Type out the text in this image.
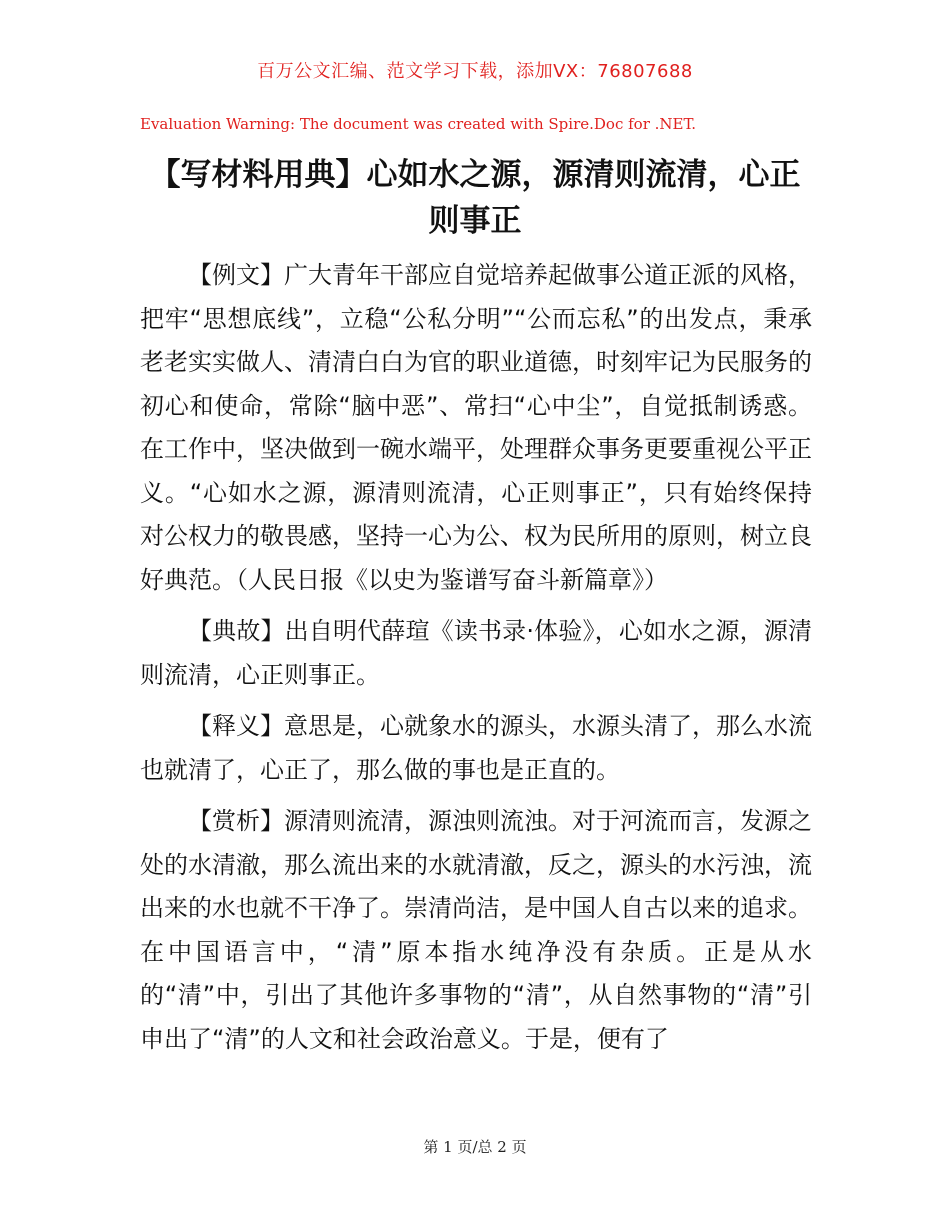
百万公文汇编、范文学习下载，添加VX：76807688
Evaluation Warning: The document was created with Spire.Doc for .NET.
【写材料用典】心如水之源，源清则流清，心正则事正

【例文】广大青年干部应自觉培养起做事公道正派的风格，把牢“思想底线”，立稳“公私分明”“公而忘私”的出发点，秉承老老实实做人、清清白白为官的职业道德，时刻牢记为民服务的初心和使命，常除“脑中恶”、常扫“心中尘”，自觉抵制诱惑。在工作中，坚决做到一碗水端平，处理群众事务更要重视公平正义。“心如水之源，源清则流清，心正则事正”，只有始终保持对公权力的敬畏感，坚持一心为公、权为民所用的原则，树立良好典范。（人民日报《以史为鉴谱写奋斗新篇章》）

【典故】出自明代薛瑄《读书录·体验》，心如水之源，源清则流清，心正则事正。

【释义】意思是，心就象水的源头，水源头清了，那么水流也就清了，心正了，那么做的事也是正直的。

【赏析】源清则流清，源浊则流浊。对于河流而言，发源之处的水清澈，那么流出来的水就清澈，反之，源头的水污浊，流出来的水也就不干净了。崇清尚洁，是中国人自古以来的追求。在中国语言中，“清”原本指水纯净没有杂质。正是从水的“清”中，引出了其他许多事物的“清”，从自然事物的“清”引申出了“清”的人文和社会政治意义。于是，便有了

第 1 页/总 2 页
